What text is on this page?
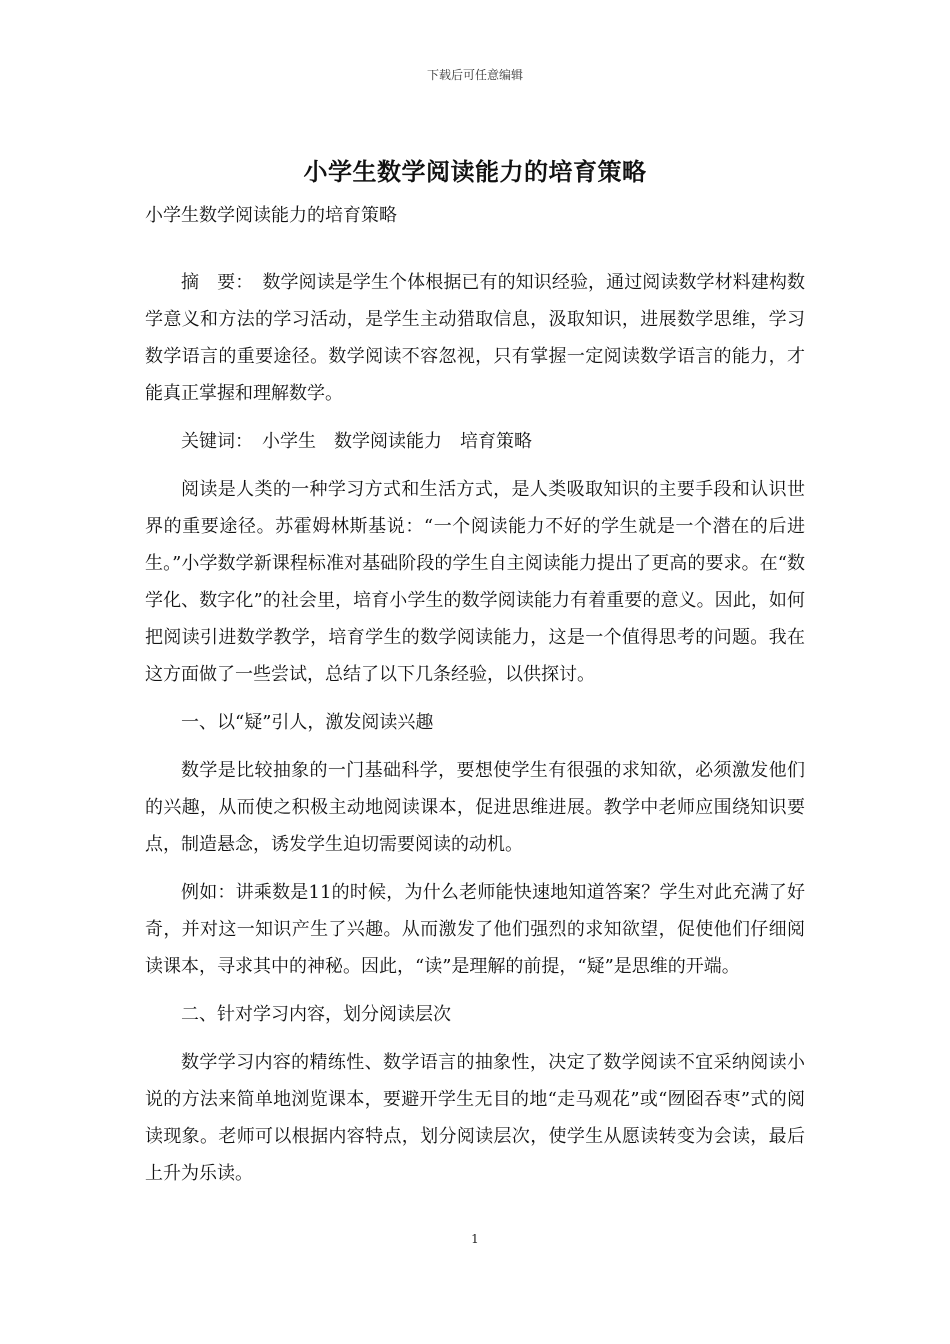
下载后可任意编辑
小学生数学阅读能力的培育策略
小学生数学阅读能力的培育策略

摘　要：　数学阅读是学生个体根据已有的知识经验，通过阅读数学材料建构数学意义和方法的学习活动，是学生主动猎取信息，汲取知识，进展数学思维，学习数学语言的重要途径。数学阅读不容忽视，只有掌握一定阅读数学语言的能力，才能真正掌握和理解数学。

关键词：　小学生　数学阅读能力　培育策略

阅读是人类的一种学习方式和生活方式，是人类吸取知识的主要手段和认识世界的重要途径。苏霍姆林斯基说：“一个阅读能力不好的学生就是一个潜在的后进生。”小学数学新课程标准对基础阶段的学生自主阅读能力提出了更高的要求。在“数学化、数字化”的社会里，培育小学生的数学阅读能力有着重要的意义。因此，如何把阅读引进数学教学，培育学生的数学阅读能力，这是一个值得思考的问题。我在这方面做了一些尝试，总结了以下几条经验，以供探讨。

一、以“疑”引人，激发阅读兴趣

数学是比较抽象的一门基础科学，要想使学生有很强的求知欲，必须激发他们的兴趣，从而使之积极主动地阅读课本，促进思维进展。教学中老师应围绕知识要点，制造悬念，诱发学生迫切需要阅读的动机。

例如：讲乘数是11的时候，为什么老师能快速地知道答案？学生对此充满了好奇，并对这一知识产生了兴趣。从而激发了他们强烈的求知欲望，促使他们仔细阅读课本，寻求其中的神秘。因此，“读”是理解的前提，“疑”是思维的开端。

二、针对学习内容，划分阅读层次

数学学习内容的精练性、数学语言的抽象性，决定了数学阅读不宜采纳阅读小说的方法来简单地浏览课本，要避开学生无目的地“走马观花”或“囫囵吞枣”式的阅读现象。老师可以根据内容特点，划分阅读层次，使学生从愿读转变为会读，最后上升为乐读。

1
